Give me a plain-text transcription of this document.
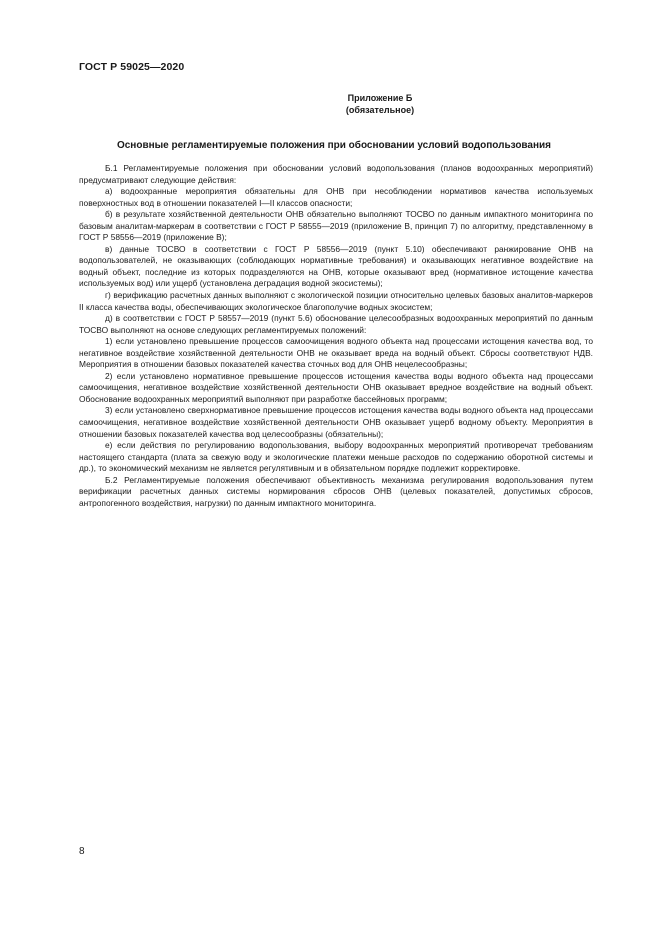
ГОСТ Р 59025—2020
Приложение Б
(обязательное)
Основные регламентируемые положения при обосновании условий водопользования

Б.1 Регламентируемые положения при обосновании условий водопользования (планов водоохранных мероприятий) предусматривают следующие действия:

а) водоохранные мероприятия обязательны для ОНВ при несоблюдении нормативов качества используемых поверхностных вод в отношении показателей I—II классов опасности;

б) в результате хозяйственной деятельности ОНВ обязательно выполняют ТОСВО по данным импактного мониторинга по базовым аналитам-маркерам в соответствии с ГОСТ Р 58555—2019 (приложение В, принцип 7) по алгоритму, представленному в ГОСТ Р 58556—2019 (приложение В);

в) данные ТОСВО в соответствии с ГОСТ Р 58556—2019 (пункт 5.10) обеспечивают ранжирование ОНВ на водопользователей, не оказывающих (соблюдающих нормативные требования) и оказывающих негативное воздействие на водный объект, последние из которых подразделяются на ОНВ, которые оказывают вред (нормативное истощение качества используемых вод) или ущерб (установлена деградация водной экосистемы);

г) верификацию расчетных данных выполняют с экологической позиции относительно целевых базовых аналитов-маркеров II класса качества воды, обеспечивающих экологическое благополучие водных экосистем;

д) в соответствии с ГОСТ Р 58557—2019 (пункт 5.6) обоснование целесообразных водоохранных мероприятий по данным ТОСВО выполняют на основе следующих регламентируемых положений:

1) если установлено превышение процессов самоочищения водного объекта над процессами истощения качества вод, то негативное воздействие хозяйственной деятельности ОНВ не оказывает вреда на водный объект. Сбросы соответствуют НДВ. Мероприятия в отношении базовых показателей качества сточных вод для ОНВ нецелесообразны;

2) если установлено нормативное превышение процессов истощения качества воды водного объекта над процессами самоочищения, негативное воздействие хозяйственной деятельности ОНВ оказывает вредное воздействие на водный объект. Обоснование водоохранных мероприятий выполняют при разработке бассейновых программ;

3) если установлено сверхнормативное превышение процессов истощения качества воды водного объекта над процессами самоочищения, негативное воздействие хозяйственной деятельности ОНВ оказывает ущерб водному объекту. Мероприятия в отношении базовых показателей качества вод целесообразны (обязательны);

е) если действия по регулированию водопользования, выбору водоохранных мероприятий противоречат требованиям настоящего стандарта (плата за свежую воду и экологические платежи меньше расходов по содержанию оборотной системы и др.), то экономический механизм не является регулятивным и в обязательном порядке подлежит корректировке.

Б.2 Регламентируемые положения обеспечивают объективность механизма регулирования водопользования путем верификации расчетных данных системы нормирования сбросов ОНВ (целевых показателей, допустимых сбросов, антропогенного воздействия, нагрузки) по данным импактного мониторинга.

8
